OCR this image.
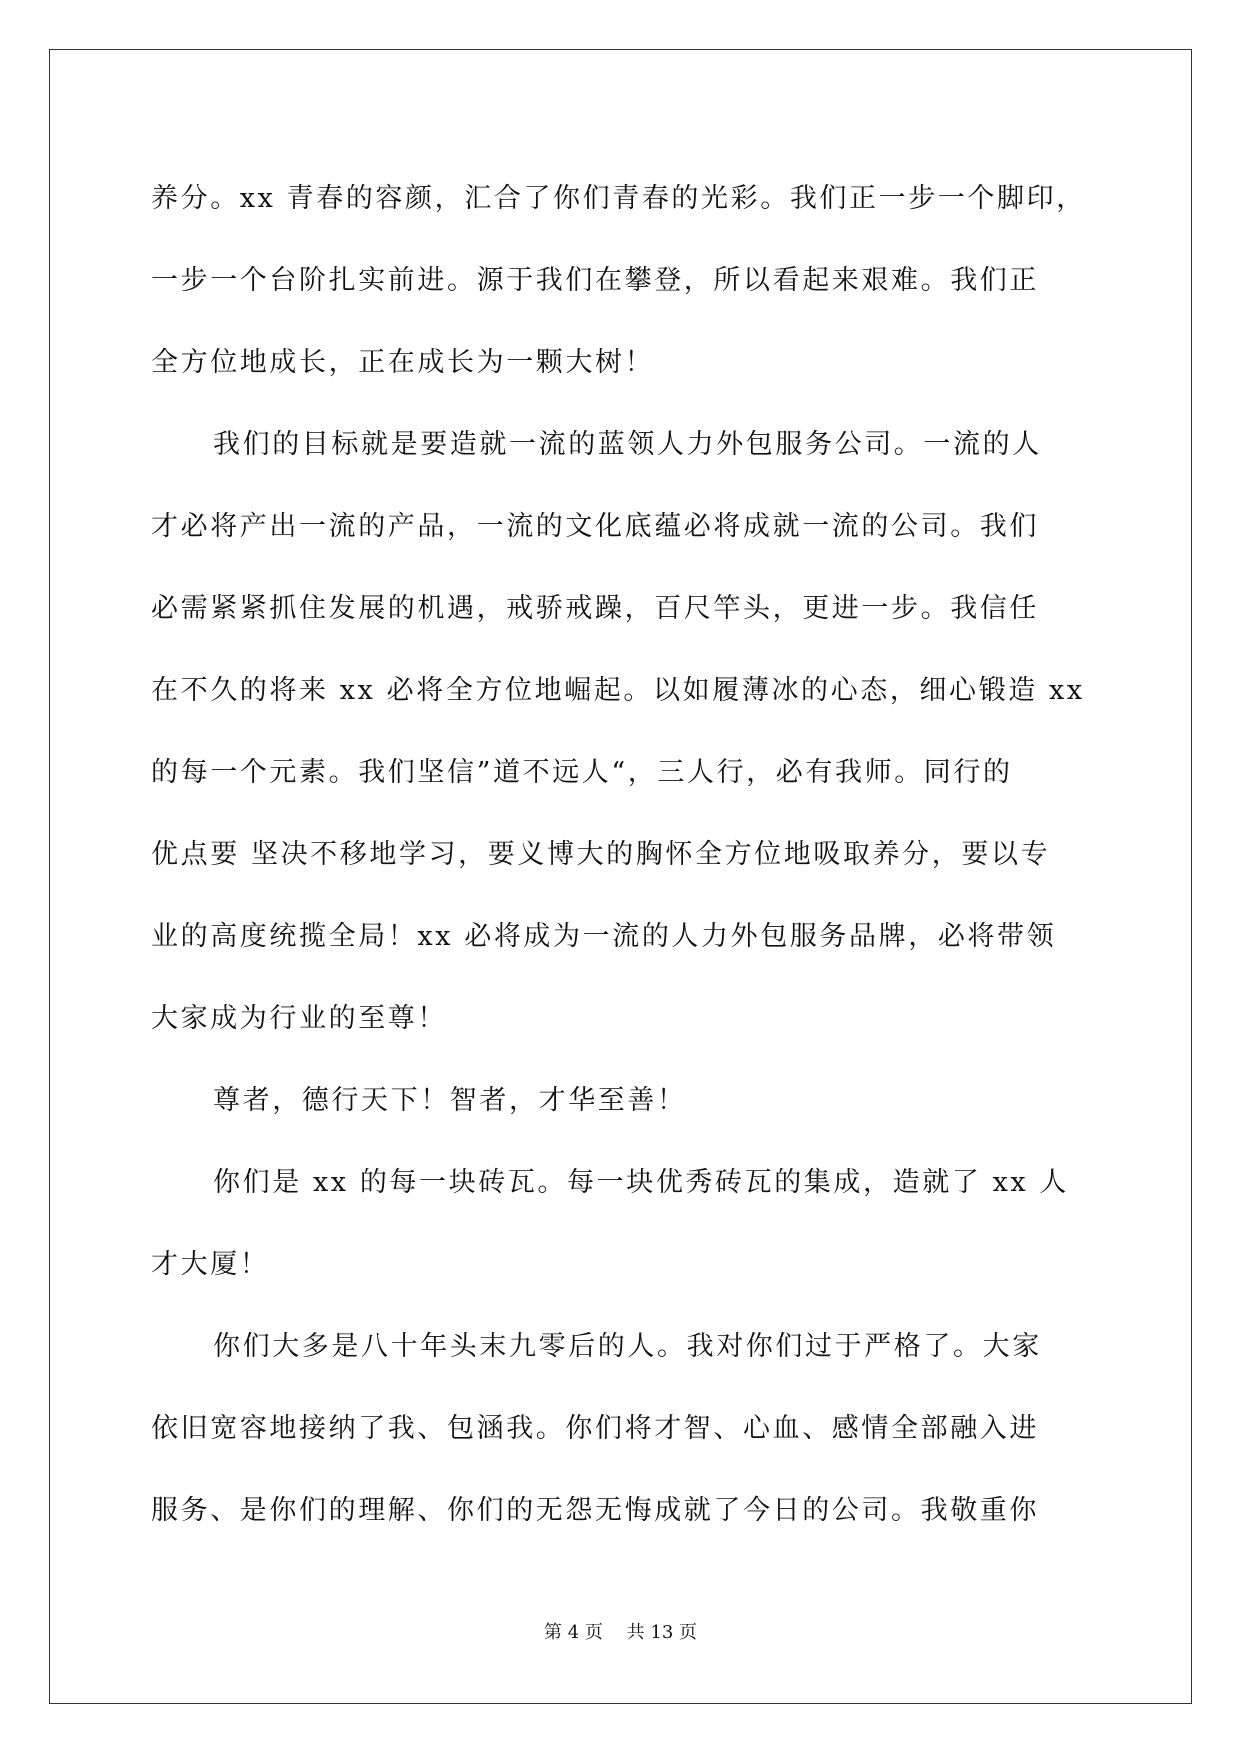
养分。xx 青春的容颜，汇合了你们青春的光彩。我们正一步一个脚印，
一步一个台阶扎实前进。源于我们在攀登，所以看起来艰难。我们正
全方位地成长，正在成长为一颗大树！
我们的目标就是要造就一流的蓝领人力外包服务公司。一流的人
才必将产出一流的产品，一流的文化底蕴必将成就一流的公司。我们
必需紧紧抓住发展的机遇，戒骄戒躁，百尺竿头，更进一步。我信任
在不久的将来 xx 必将全方位地崛起。以如履薄冰的心态，细心锻造 xx
的每一个元素。我们坚信”道不远人“，三人行，必有我师。同行的
优点要 坚决不移地学习，要义博大的胸怀全方位地吸取养分，要以专
业的高度统揽全局！xx 必将成为一流的人力外包服务品牌，必将带领
大家成为行业的至尊！
尊者，德行天下！智者，才华至善！
你们是 xx 的每一块砖瓦。每一块优秀砖瓦的集成，造就了 xx 人
才大厦！
你们大多是八十年头末九零后的人。我对你们过于严格了。大家
依旧宽容地接纳了我、包涵我。你们将才智、心血、感情全部融入进
服务、是你们的理解、你们的无怨无悔成就了今日的公司。我敬重你
第 4 页 共 13 页
